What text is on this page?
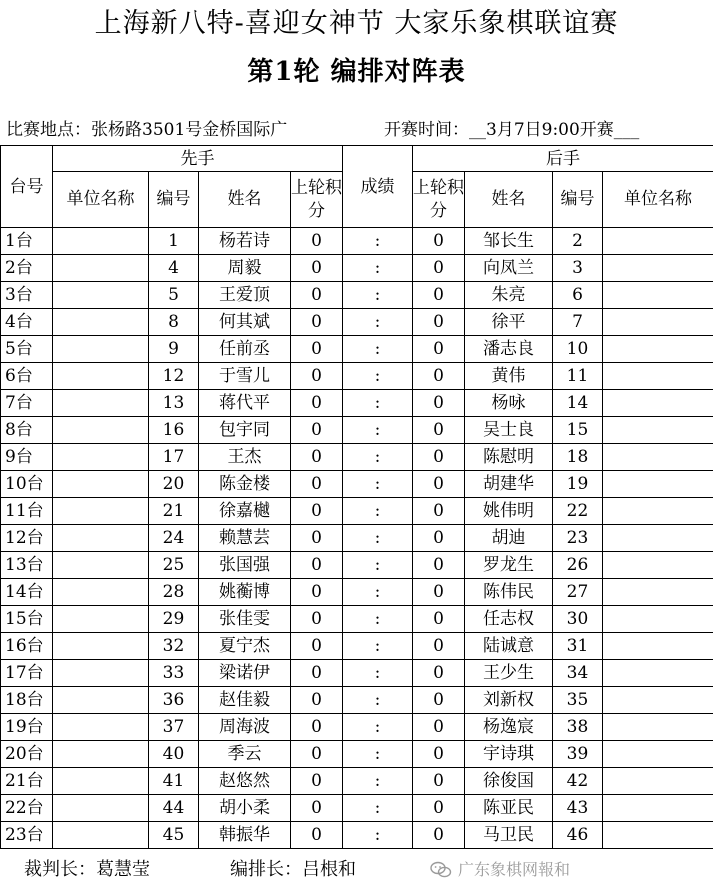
上海新八特-喜迎女神节 大家乐象棋联谊赛
第1轮 编排对阵表
比赛地点：张杨路3501号金桥国际广	开赛时间：__3月7日9:00开赛___
台号	先手				成绩	后手			
	单位名称	编号	姓名	上轮积分		上轮积分	姓名	编号	单位名称
1台		1	杨若诗	0	:	0	邹长生	2	
2台		4	周毅	0	:	0	向凤兰	3	
3台		5	王爱顶	0	:	0	朱亮	6	
4台		8	何其斌	0	:	0	徐平	7	
5台		9	任前丞	0	:	0	潘志良	10	
6台		12	于雪儿	0	:	0	黄伟	11	
7台		13	蒋代平	0	:	0	杨咏	14	
8台		16	包宇同	0	:	0	吴士良	15	
9台		17	王杰	0	:	0	陈慰明	18	
10台		20	陈金楼	0	:	0	胡建华	19	
11台		21	徐嘉樾	0	:	0	姚伟明	22	
12台		24	赖慧芸	0	:	0	胡迪	23	
13台		25	张国强	0	:	0	罗龙生	26	
14台		28	姚蘅博	0	:	0	陈伟民	27	
15台		29	张佳雯	0	:	0	任志权	30	
16台		32	夏宁杰	0	:	0	陆诚意	31	
17台		33	梁诺伊	0	:	0	王少生	34	
18台		36	赵佳毅	0	:	0	刘新权	35	
19台		37	周海波	0	:	0	杨逸宸	38	
20台		40	季云	0	:	0	宇诗琪	39	
21台		41	赵悠然	0	:	0	徐俊国	42	
22台		44	胡小柔	0	:	0	陈亚民	43	
23台		45	韩振华	0	:	0	马卫民	46	
裁判长：葛慧莹	编排长：吕根和	广东象棋网報和
